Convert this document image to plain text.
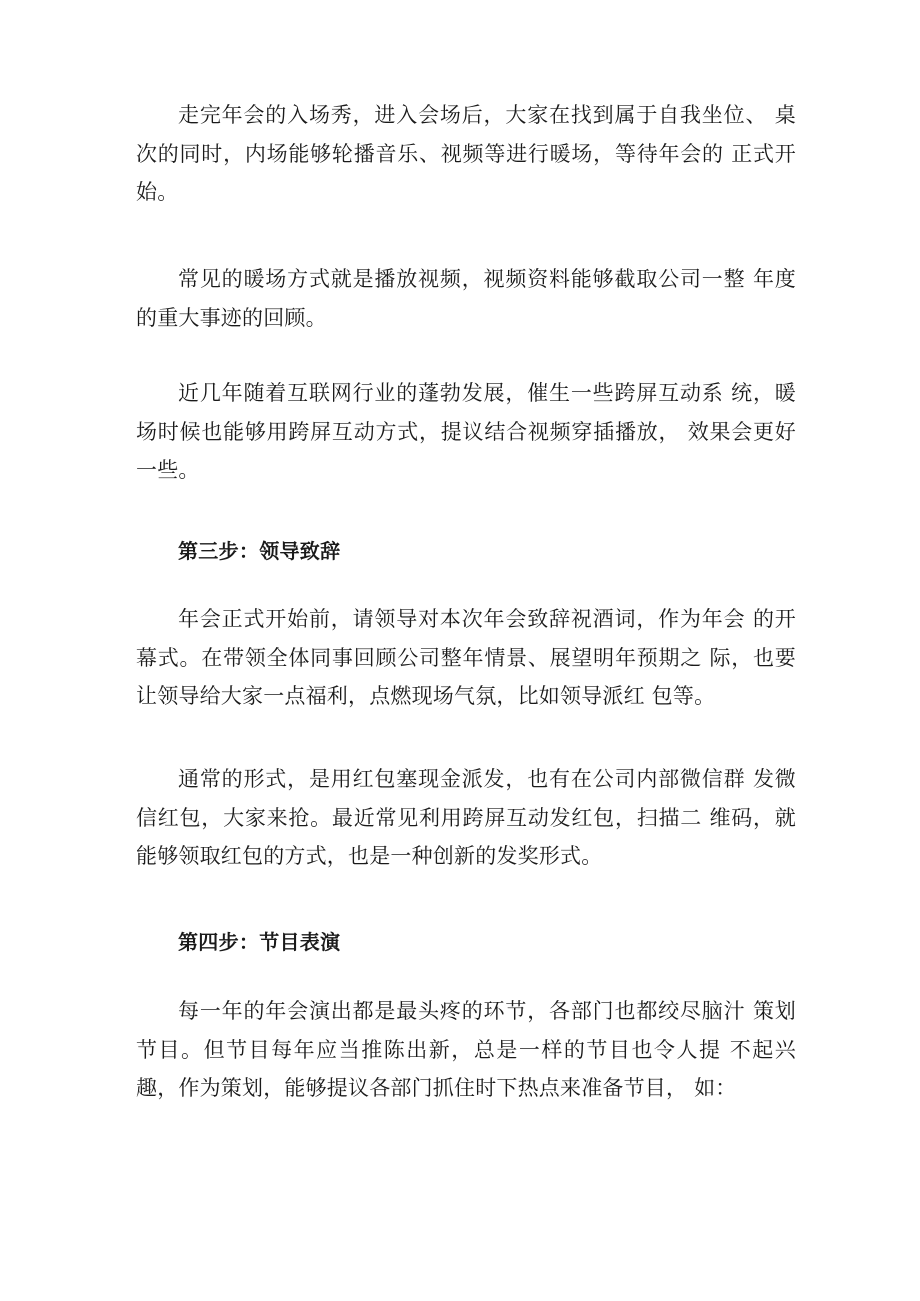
走完年会的入场秀，进入会场后，大家在找到属于自我坐位、 桌次的同时，内场能够轮播音乐、视频等进行暖场，等待年会的 正式开始。

常见的暖场方式就是播放视频，视频资料能够截取公司一整 年度的重大事迹的回顾。

近几年随着互联网行业的蓬勃发展，催生一些跨屏互动系 统，暖场时候也能够用跨屏互动方式，提议结合视频穿插播放， 效果会更好一些。

第三步：领导致辞

年会正式开始前，请领导对本次年会致辞祝酒词，作为年会 的开幕式。在带领全体同事回顾公司整年情景、展望明年预期之 际，也要让领导给大家一点福利，点燃现场气氛，比如领导派红 包等。

通常的形式，是用红包塞现金派发，也有在公司内部微信群 发微信红包，大家来抢。最近常见利用跨屏互动发红包，扫描二 维码，就能够领取红包的方式，也是一种创新的发奖形式。

第四步：节目表演

每一年的年会演出都是最头疼的环节，各部门也都绞尽脑汁 策划节目。但节目每年应当推陈出新，总是一样的节目也令人提 不起兴趣，作为策划，能够提议各部门抓住时下热点来准备节目， 如：
